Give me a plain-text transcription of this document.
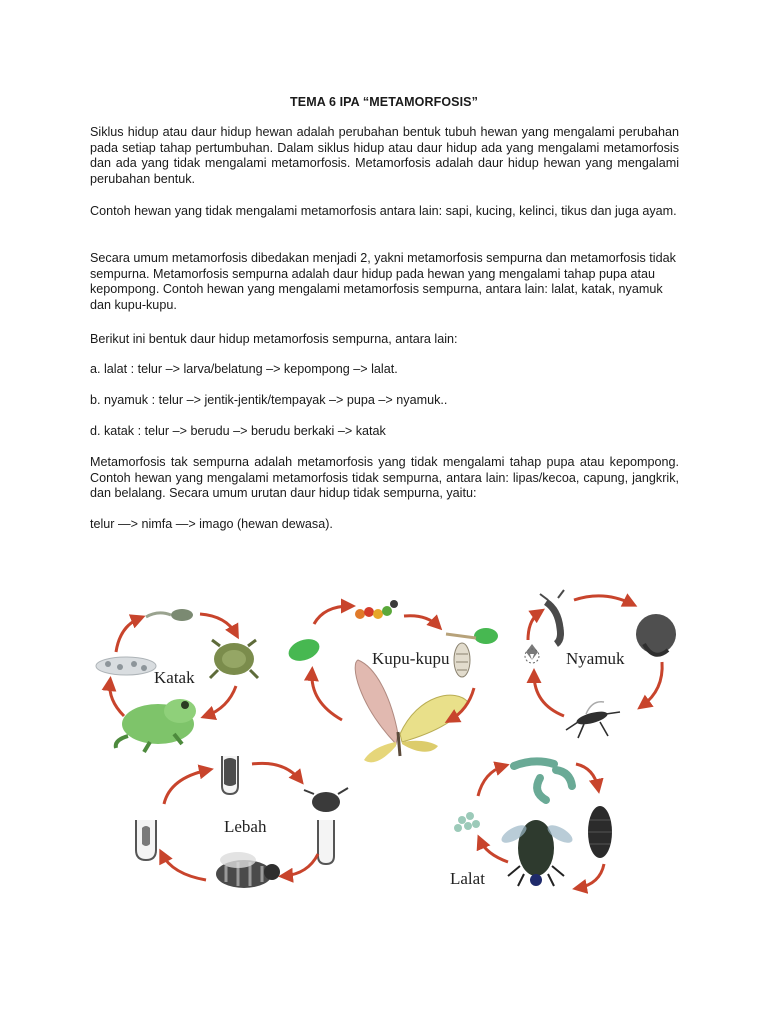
TEMA 6 IPA “METAMORFOSIS”

Siklus hidup atau daur hidup hewan adalah perubahan bentuk tubuh hewan yang mengalami perubahan pada setiap tahap pertumbuhan. Dalam siklus hidup atau daur hidup ada yang mengalami metamorfosis dan ada yang tidak mengalami metamorfosis. Metamorfosis adalah daur hidup hewan yang mengalami perubahan bentuk.

Contoh hewan yang tidak mengalami metamorfosis antara lain: sapi, kucing, kelinci, tikus dan juga ayam.

Secara umum metamorfosis dibedakan menjadi 2, yakni metamorfosis sempurna dan metamorfosis tidak sempurna. Metamorfosis sempurna adalah daur hidup pada hewan yang mengalami tahap pupa atau kepompong. Contoh hewan yang mengalami metamorfosis sempurna, antara lain: lalat, katak, nyamuk dan kupu-kupu.

Berikut ini bentuk daur hidup metamorfosis sempurna, antara lain:

a. lalat : telur –> larva/belatung –> kepompong –> lalat.

b. nyamuk : telur –> jentik-jentik/tempayak –> pupa –> nyamuk..

d. katak : telur –> berudu –> berudu berkaki –> katak

Metamorfosis tak sempurna adalah metamorfosis yang tidak mengalami tahap pupa atau kepompong. Contoh hewan yang mengalami metamorfosis tidak sempurna, antara lain: lipas/kecoa, capung, jangkrik, dan belalang. Secara umum urutan daur hidup tidak sempurna, yaitu:

telur —> nimfa —> imago (hewan dewasa).

Katak
Kupu-kupu	Nyamuk
Lebah
Lalat
